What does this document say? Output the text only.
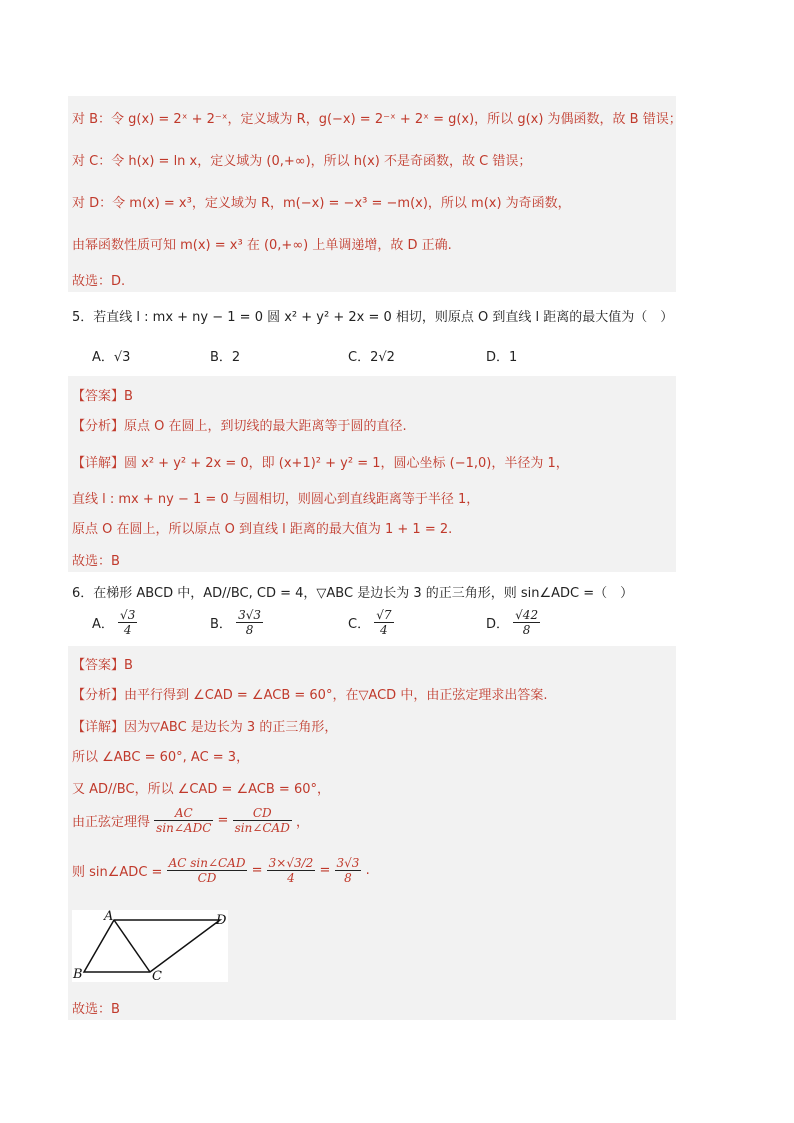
对 B：令 g(x) = 2ˣ + 2⁻ˣ，定义域为 R，g(−x) = 2⁻ˣ + 2ˣ = g(x)，所以 g(x) 为偶函数，故 B 错误；
对 C：令 h(x) = ln x，定义域为 (0,+∞)，所以 h(x) 不是奇函数，故 C 错误；
对 D：令 m(x) = x³，定义域为 R，m(−x) = −x³ = −m(x)，所以 m(x) 为奇函数，
由幂函数性质可知 m(x) = x³ 在 (0,+∞) 上单调递增，故 D 正确.
故选：D.
5．若直线 l : mx + ny − 1 = 0 圆 x² + y² + 2x = 0 相切，则原点 O 到直线 l 距离的最大值为（　）
A．√3	B．2	C．2√2	D．1
【答案】B
【分析】原点 O 在圆上，到切线的最大距离等于圆的直径.
【详解】圆 x² + y² + 2x = 0，即 (x+1)² + y² = 1，圆心坐标 (−1,0)，半径为 1，
直线 l : mx + ny − 1 = 0 与圆相切，则圆心到直线距离等于半径 1，
原点 O 在圆上，所以原点 O 到直线 l 距离的最大值为 1 + 1 = 2.
故选：B
6．在梯形 ABCD 中，AD//BC, CD = 4，▽ABC 是边长为 3 的正三角形，则 sin∠ADC =（　）
A． $\frac{√3}{4}$	B． $\frac{3√3}{8}$	C． $\frac{√7}{4}$	D． $\frac{√42}{8}$
【答案】B
【分析】由平行得到 ∠CAD = ∠ACB = 60°，在▽ACD 中，由正弦定理求出答案.
【详解】因为▽ABC 是边长为 3 的正三角形，
所以 ∠ABC = 60°, AC = 3，
又 AD//BC，所以 ∠CAD = ∠ACB = 60°，
由正弦定理得 $\frac{AC}{\text{sin∠ADC}} = \frac{CD}{\text{sin∠CAD}}$ ，
则 sin∠ADC = $\frac{\text{AC sin∠CAD}}{CD} = \frac{3\times√3/2}{4} = \frac{3√3}{8}$ .
A	D
B	C
故选：B
